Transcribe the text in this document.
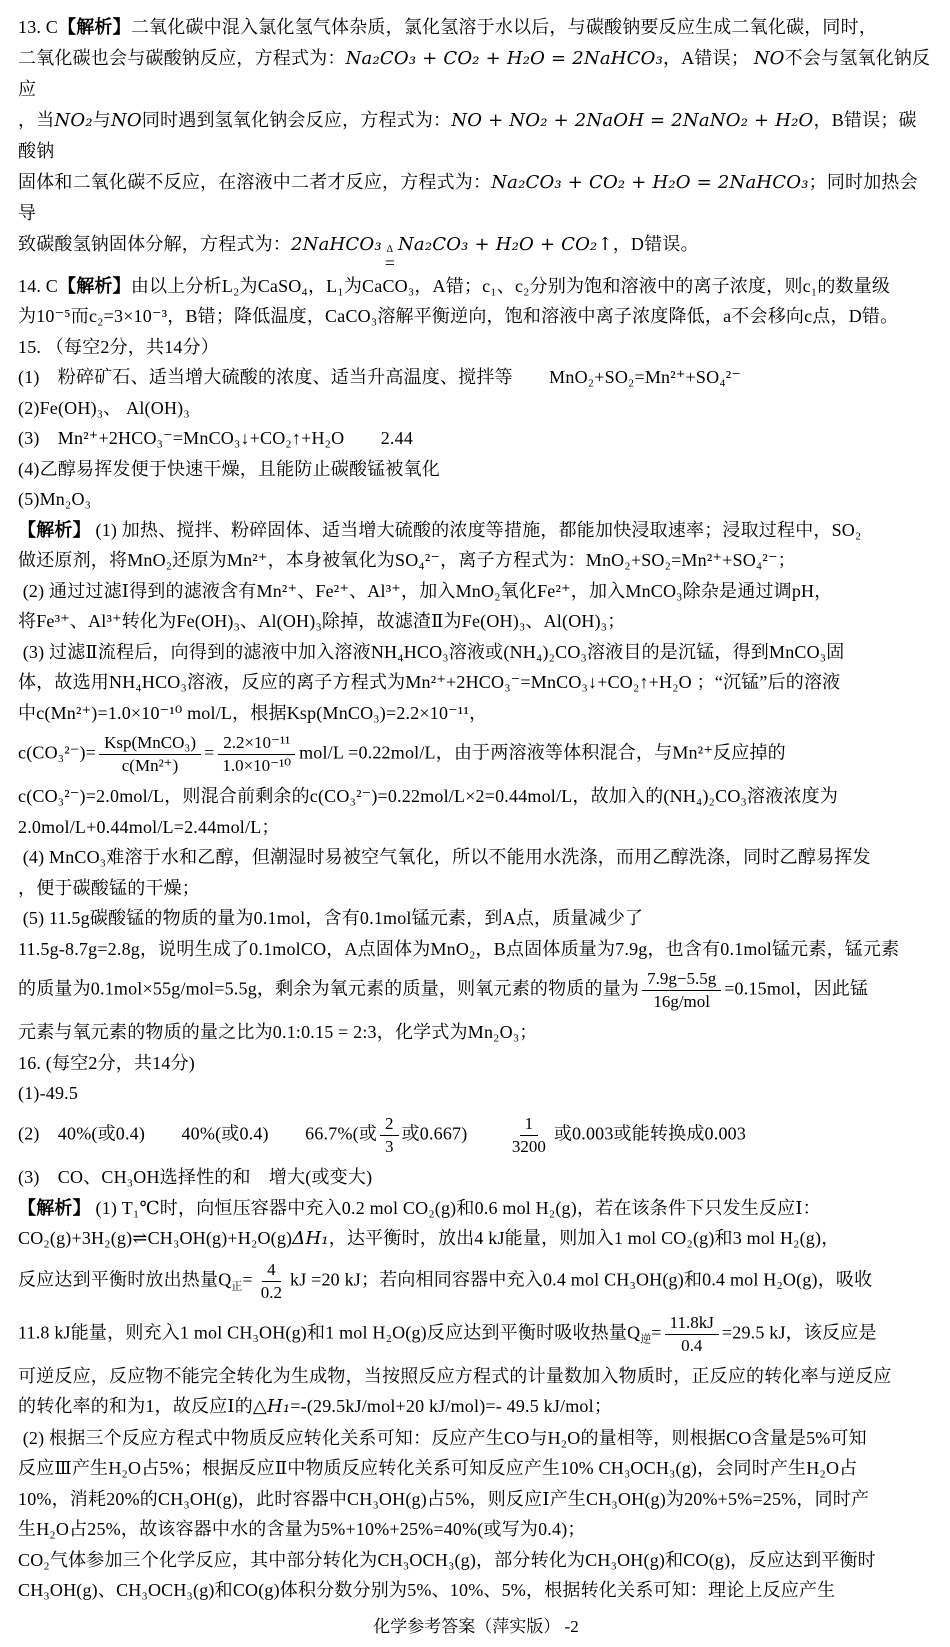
13. C【解析】二氧化碳中混入氯化氢气体杂质，氯化氢溶于水以后，与碳酸钠要反应生成二氧化碳，同时，
二氧化碳也会与碳酸钠反应，方程式为：Na₂CO₃ + CO₂ + H₂O = 2NaHCO₃，A错误； NO不会与氢氧化钠反应
，当NO₂与NO同时遇到氢氧化钠会反应，方程式为：NO + NO₂ + 2NaOH = 2NaNO₂ + H₂O，B错误；碳酸钠
固体和二氧化碳不反应，在溶液中二者才反应，方程式为：Na₂CO₃ + CO₂ + H₂O = 2NaHCO₃；同时加热会导
致碳酸氢钠固体分解，方程式为：2NaHCO₃ Δ
=
Na₂CO₃ + H₂O + CO₂↑，D错误。
14. C【解析】由以上分析L₂为CaSO₄，L₁为CaCO₃，A错；c₁、c₂分别为饱和溶液中的离子浓度，则c₁的数量级
为10⁻⁵而c₂=3×10⁻³，B错；降低温度，CaCO₃溶解平衡逆向，饱和溶液中离子浓度降低，a不会移向c点，D错。
15. （每空2分，共14分）
(1)　粉碎矿石、适当增大硫酸的浓度、适当升高温度、搅拌等　　MnO₂+SO₂=Mn²⁺+SO₄²⁻
(2)Fe(OH)₃、 Al(OH)₃
(3)　Mn²⁺+2HCO₃⁻=MnCO₃↓+CO₂↑+H₂O　　2.44
(4)乙醇易挥发便于快速干燥，且能防止碳酸锰被氧化
(5)Mn₂O₃
【解析】 (1) 加热、搅拌、粉碎固体、适当增大硫酸的浓度等措施，都能加快浸取速率；浸取过程中，SO₂
做还原剂，将MnO₂还原为Mn²⁺，本身被氧化为SO₄²⁻，离子方程式为：MnO₂+SO₂=Mn²⁺+SO₄²⁻；
(2) 通过过滤Ⅰ得到的滤液含有Mn²⁺、Fe²⁺、Al³⁺，加入MnO₂氧化Fe²⁺，加入MnCO₃除杂是通过调pH，
将Fe³⁺、Al³⁺转化为Fe(OH)₃、Al(OH)₃除掉，故滤渣Ⅱ为Fe(OH)₃、Al(OH)₃；
(3) 过滤Ⅱ流程后，向得到的滤液中加入溶液NH₄HCO₃溶液或(NH₄)₂CO₃溶液目的是沉锰，得到MnCO₃固
体，故选用NH₄HCO₃溶液，反应的离子方程式为Mn²⁺+2HCO₃⁻=MnCO₃↓+CO₂↑+H₂O ；“沉锰”后的溶液
中c(Mn²⁺)=1.0×10⁻¹⁰ mol/L，根据Ksp(MnCO₃)=2.2×10⁻¹¹，
$c(CO_3^{2-})= \frac{\text{Ksp(MnCO₃)}}{\text{c(Mn²⁺)}} = \frac{\text{2.2×10⁻¹¹}}{\text{1.0×10⁻¹⁰}} mol/L =0.22mol/L$，由于两溶液等体积混合，与Mn²⁺反应掉的
c(CO₃²⁻)=2.0mol/L，则混合前剩余的c(CO₃²⁻)=0.22mol/L×2=0.44mol/L，故加入的(NH₄)₂CO₃溶液浓度为
2.0mol/L+0.44mol/L=2.44mol/L；
(4) MnCO₃难溶于水和乙醇，但潮湿时易被空气氧化，所以不能用水洗涤，而用乙醇洗涤，同时乙醇易挥发
，便于碳酸锰的干燥；
(5) 11.5g碳酸锰的物质的量为0.1mol，含有0.1mol锰元素，到A点，质量减少了
11.5g-8.7g=2.8g，说明生成了0.1molCO，A点固体为MnO₂，B点固体质量为7.9g，也含有0.1mol锰元素，锰元素
的质量为0.1mol×55g/mol=5.5g，剩余为氧元素的质量，则氧元素的物质的量为 $\frac{7.9g-5.5g}{\text{16g/mol}} =0.15mol$，因此锰
元素与氧元素的物质的量之比为0.1:0.15 = 2:3，化学式为Mn₂O₃；
16. (每空2分，共14分)
(1)-49.5
(2)　40%(或0.4)　　40%(或0.4)　　66.7%(或 $\frac{2}{3}$ 或0.667)　　 $\frac{1}{3200}$ 或0.003或能转换成0.003
(3)　CO、CH₃OH选择性的和　增大(或变大)
【解析】 (1) T₁℃时，向恒压容器中充入0.2 mol CO₂(g)和0.6 mol H₂(g)，若在该条件下只发生反应Ⅰ：
CO₂(g)+3H₂(g)⇌CH₃OH(g)+H₂O(g)ΔH₁，达平衡时，放出4 kJ能量，则加入1 mol CO₂(g)和3 mol H₂(g)，
反应达到平衡时放出热量$Q_正= \frac{4}{0.2}$ kJ =20 kJ；若向相同容器中充入0.4 mol CH₃OH(g)和0.4 mol H₂O(g)，吸收
11.8 kJ能量，则充入1 mol CH₃OH(g)和1 mol H₂O(g)反应达到平衡时吸收热量$Q_逆= \frac{11.8kJ}{0.4} =29.5$ kJ，该反应是
可逆反应，反应物不能完全转化为生成物，当按照反应方程式的计量数加入物质时，正反应的转化率与逆反应
的转化率的和为1，故反应Ⅰ的△H₁=-(29.5kJ/mol+20 kJ/mol)=- 49.5 kJ/mol；
(2) 根据三个反应方程式中物质反应转化关系可知：反应产生CO与H₂O的量相等，则根据CO含量是5%可知
反应Ⅲ产生H₂O占5%；根据反应Ⅱ中物质反应转化关系可知反应产生10% CH₃OCH₃(g)，会同时产生H₂O占
10%，消耗20%的CH₃OH(g)，此时容器中CH₃OH(g)占5%，则反应Ⅰ产生CH₃OH(g)为20%+5%=25%，同时产
生H₂O占25%，故该容器中水的含量为5%+10%+25%=40%(或写为0.4)；
CO₂气体参加三个化学反应，其中部分转化为CH₃OCH₃(g)，部分转化为CH₃OH(g)和CO(g)，反应达到平衡时
CH₃OH(g)、CH₃OCH₃(g)和CO(g)体积分数分别为5%、10%、5%，根据转化关系可知：理论上反应产生
化学参考答案（萍实版） -2
